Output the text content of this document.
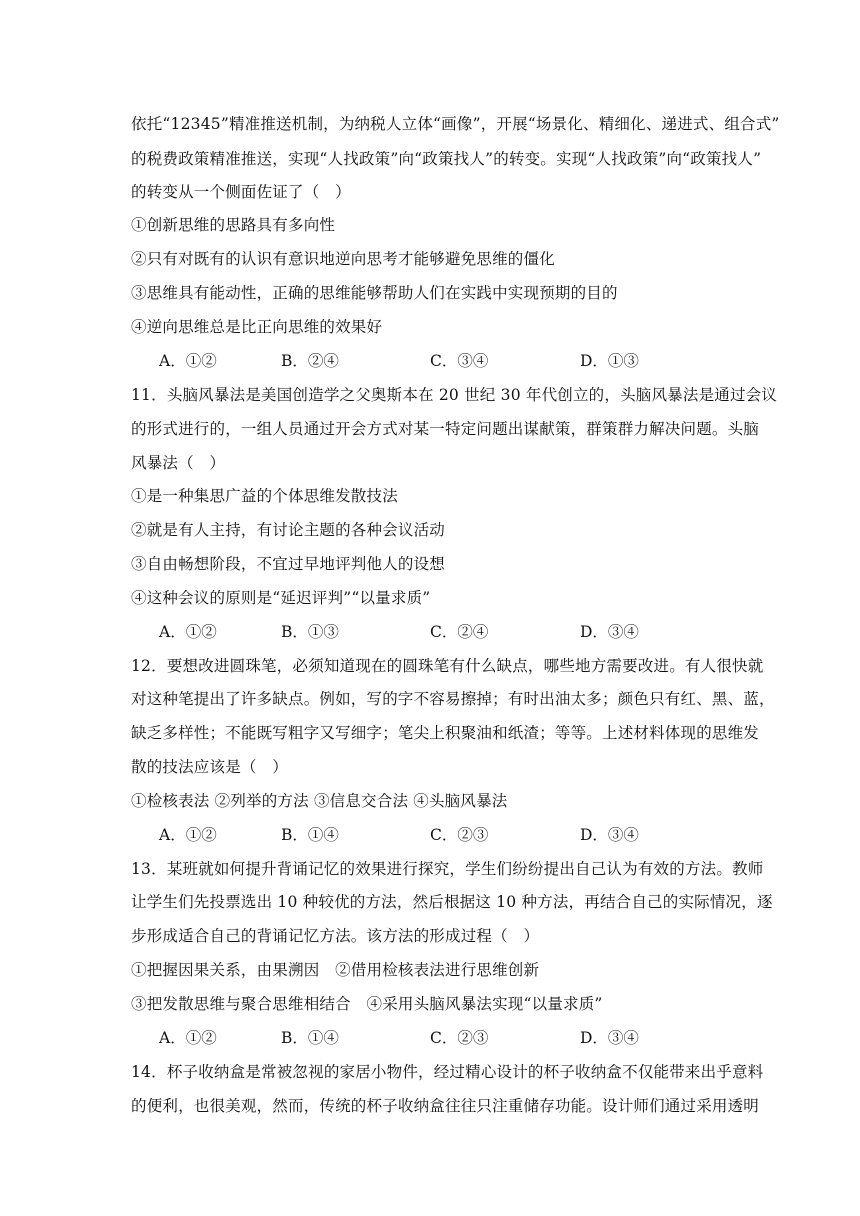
依托“12345”精准推送机制，为纳税人立体“画像”，开展“场景化、精细化、递进式、组合式”
的税费政策精准推送，实现“人找政策”向“政策找人”的转变。实现“人找政策”向“政策找人”
的转变从一个侧面佐证了（　）
①创新思维的思路具有多向性
②只有对既有的认识有意识地逆向思考才能够避免思维的僵化
③思维具有能动性，正确的思维能够帮助人们在实践中实现预期的目的
④逆向思维总是比正向思维的效果好
A．①②	B．②④	C．③④	D．①③
11．头脑风暴法是美国创造学之父奥斯本在 20 世纪 30 年代创立的，头脑风暴法是通过会议
的形式进行的，一组人员通过开会方式对某一特定问题出谋献策，群策群力解决问题。头脑
风暴法（　）
①是一种集思广益的个体思维发散技法
②就是有人主持，有讨论主题的各种会议活动
③自由畅想阶段，不宜过早地评判他人的设想
④这种会议的原则是“延迟评判”“以量求质”
A．①②	B．①③	C．②④	D．③④
12．要想改进圆珠笔，必须知道现在的圆珠笔有什么缺点，哪些地方需要改进。有人很快就
对这种笔提出了许多缺点。例如，写的字不容易擦掉；有时出油太多；颜色只有红、黑、蓝，
缺乏多样性；不能既写粗字又写细字；笔尖上积聚油和纸渣；等等。上述材料体现的思维发
散的技法应该是（　）
①检核表法 ②列举的方法 ③信息交合法 ④头脑风暴法
A．①②	B．①④	C．②③	D．③④
13．某班就如何提升背诵记忆的效果进行探究，学生们纷纷提出自己认为有效的方法。教师
让学生们先投票选出 10 种较优的方法，然后根据这 10 种方法，再结合自己的实际情况，逐
步形成适合自己的背诵记忆方法。该方法的形成过程（　）
①把握因果关系，由果溯因　②借用检核表法进行思维创新
③把发散思维与聚合思维相结合　④采用头脑风暴法实现“以量求质”
A．①②	B．①④	C．②③	D．③④
14．杯子收纳盒是常被忽视的家居小物件，经过精心设计的杯子收纳盒不仅能带来出乎意料
的便利，也很美观，然而，传统的杯子收纳盒往往只注重储存功能。设计师们通过采用透明
